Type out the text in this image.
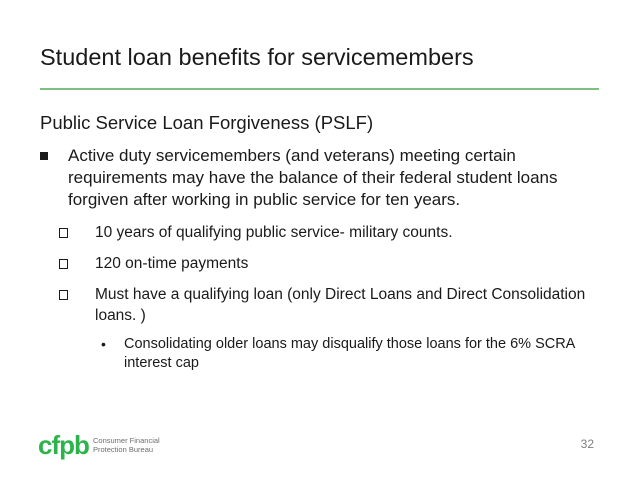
Student loan benefits for servicemembers
Public Service Loan Forgiveness (PSLF)
Active duty servicemembers (and veterans) meeting certain requirements may have the balance of their federal student loans forgiven after working in public service for ten years.
10 years of qualifying public service- military counts.
120 on-time payments
Must have a qualifying loan (only Direct Loans and Direct Consolidation loans. )
• Consolidating older loans may disqualify those loans for the 6% SCRA interest cap
cfpb Consumer Financial
Protection Bureau	32
